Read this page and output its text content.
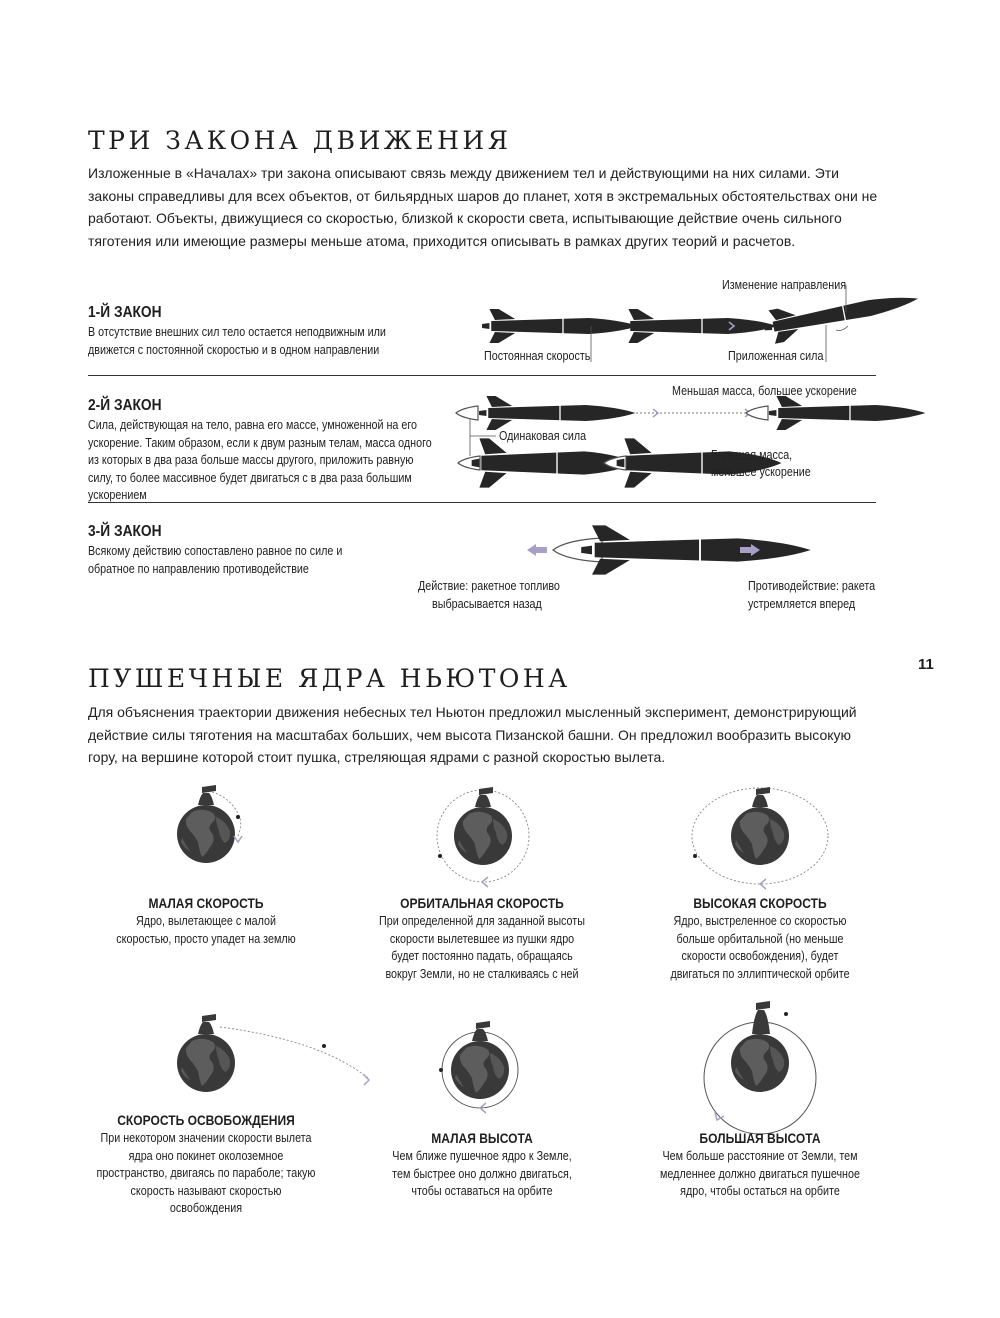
ТРИ ЗАКОНА ДВИЖЕНИЯ

Изложенные в «Началах» три закона описывают связь между движением тел и действующими на них силами. Эти законы справедливы для всех объектов, от бильярдных шаров до планет, хотя в экстремальных обстоятельствах они не работают. Объекты, движущиеся со скоростью, близкой к скорости света, испытывающие действие очень сильного тяготения или имеющие размеры меньше атома, приходится описывать в рамках других теорий и расчетов.

1-Й ЗАКОН

В отсутствие внешних сил тело остается неподвижным или движется с постоянной скоростью и в одном направлении	Постоянная скорость
Изменение направления
Приложенная сила
2-Й ЗАКОН

Сила, действующая на тело, равна его массе, умноженной на его ускорение. Таким образом, если к двум разным телам, масса одного из которых в два раза больше массы другого, приложить равную силу, то более массивное будет двигаться с в два раза большим ускорением

Меньшая масса, большее ускорение
Одинаковая сила
Большая масса,
меньшее ускорение
3-Й ЗАКОН

Всякому действию сопоставлено равное по силе и обратное по направлению противодействие

Действие: ракетное топливо
выбрасывается назад
Противодействие: ракета
устремляется вперед
11
ПУШЕЧНЫЕ ЯДРА НЬЮТОНА

Для объяснения траектории движения небесных тел Ньютон предложил мысленный эксперимент, демонстрирующий действие силы тяготения на масштабах больших, чем высота Пизанской башни. Он предложил вообразить высокую гору, на вершине которой стоит пушка, стреляющая ядрами с разной скоростью вылета.

МАЛАЯ СКОРОСТЬ

Ядро, вылетающее с малой скоростью, просто упадет на землю

ОРБИТАЛЬНАЯ СКОРОСТЬ

При определенной для заданной высоты скорости вылетевшее из пушки ядро будет постоянно падать, обращаясь вокруг Земли, но не сталкиваясь с ней

ВЫСОКАЯ СКОРОСТЬ

Ядро, выстреленное со скоростью больше орбитальной (но меньше скорости освобождения), будет двигаться по эллиптической орбите

СКОРОСТЬ ОСВОБОЖДЕНИЯ

При некотором значении скорости вылета ядра оно покинет околоземное пространство, двигаясь по параболе; такую скорость называют скоростью освобождения

МАЛАЯ ВЫСОТА

Чем ближе пушечное ядро к Земле, тем быстрее оно должно двигаться, чтобы оставаться на орбите

БОЛЬШАЯ ВЫСОТА

Чем больше расстояние от Земли, тем медленнее должно двигаться пушечное ядро, чтобы остаться на орбите
